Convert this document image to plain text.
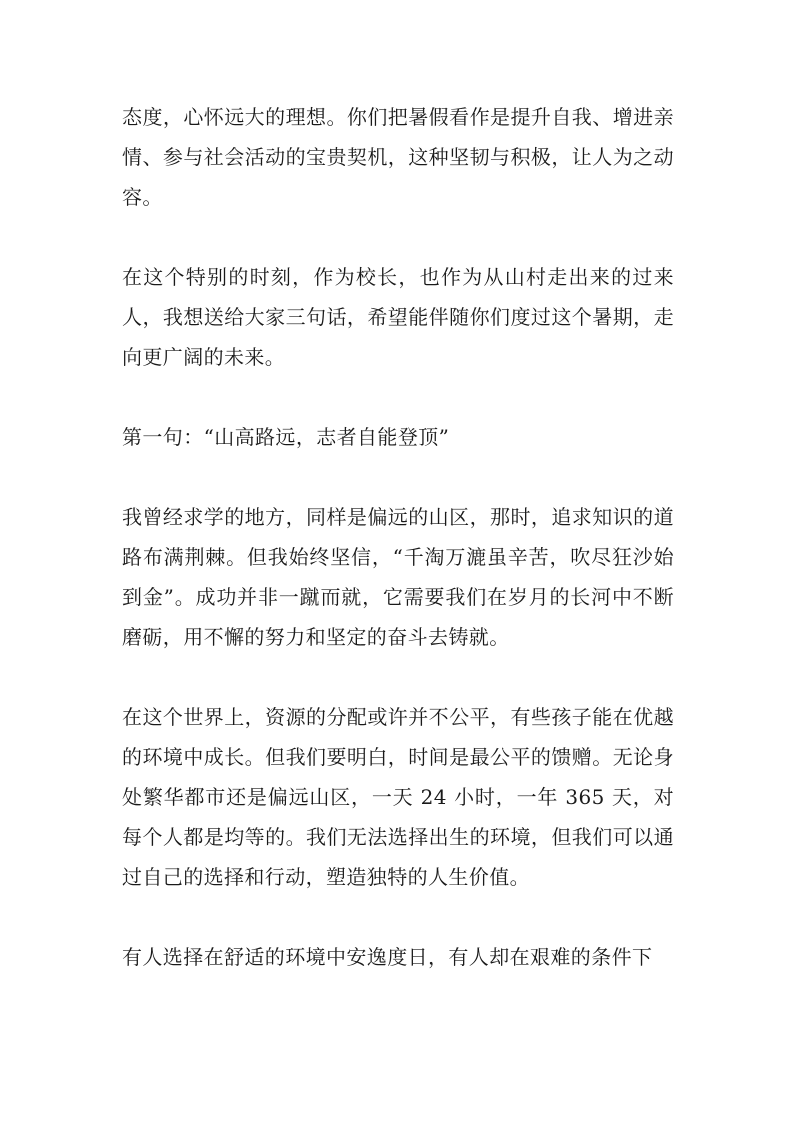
态度，心怀远大的理想。你们把暑假看作是提升自我、增进亲情、参与社会活动的宝贵契机，这种坚韧与积极，让人为之动容。

在这个特别的时刻，作为校长，也作为从山村走出来的过来人，我想送给大家三句话，希望能伴随你们度过这个暑期，走向更广阔的未来。

第一句：“山高路远，志者自能登顶”

我曾经求学的地方，同样是偏远的山区，那时，追求知识的道路布满荆棘。但我始终坚信，“千淘万漉虽辛苦，吹尽狂沙始到金”。成功并非一蹴而就，它需要我们在岁月的长河中不断磨砺，用不懈的努力和坚定的奋斗去铸就。

在这个世界上，资源的分配或许并不公平，有些孩子能在优越的环境中成长。但我们要明白，时间是最公平的馈赠。无论身处繁华都市还是偏远山区，一天 24 小时，一年 365 天，对每个人都是均等的。我们无法选择出生的环境，但我们可以通过自己的选择和行动，塑造独特的人生价值。

有人选择在舒适的环境中安逸度日，有人却在艰难的条件下
